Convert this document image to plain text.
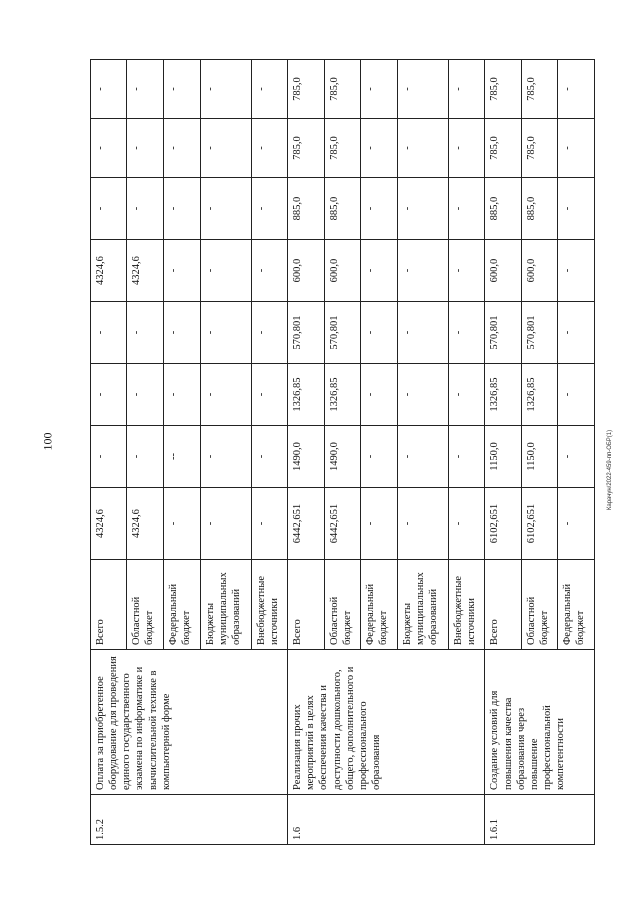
100	Карачун/2022-459-пп-ОБР(1)
1.5.2	Оплата за приобретенное оборудование для проведения единого государственного экзамена по информатике и вычислительной технике в компьютерной форме	Всего	4324,6	-	-	-	4324,6	-	-	-
		Областной бюджет	4324,6	-	-	-	4324,6	-	-	-
		Федеральный бюджет	-	--	-	-	-	-	-	-
		Бюджеты муниципальных образований	-	-	-	-	-	-	-	-
		Внебюджетные источники	-	-	-	-	-	-	-	-
1.6	Реализация прочих мероприятий в целях обеспечения качества и доступности дошкольного, общего, дополнительного и профессионального образования	Всего	6442,651	1490,0	1326,85	570,801	600,0	885,0	785,0	785,0
		Областной бюджет	6442,651	1490,0	1326,85	570,801	600,0	885,0	785,0	785,0
		Федеральный бюджет	-	-	-	-	-	-	-	-
		Бюджеты муниципальных образований	-	-	-	-	-	-	-	-
		Внебюджетные источники	-	-	-	-	-	-	-	-
1.6.1	Создание условий для повышения качества образования через повышение профессиональной компетентности	Всего	6102,651	1150,0	1326,85	570,801	600,0	885,0	785,0	785,0
		Областной бюджет	6102,651	1150,0	1326,85	570,801	600,0	885,0	785,0	785,0
		Федеральный бюджет	-	-	-	-	-	-	-	-
